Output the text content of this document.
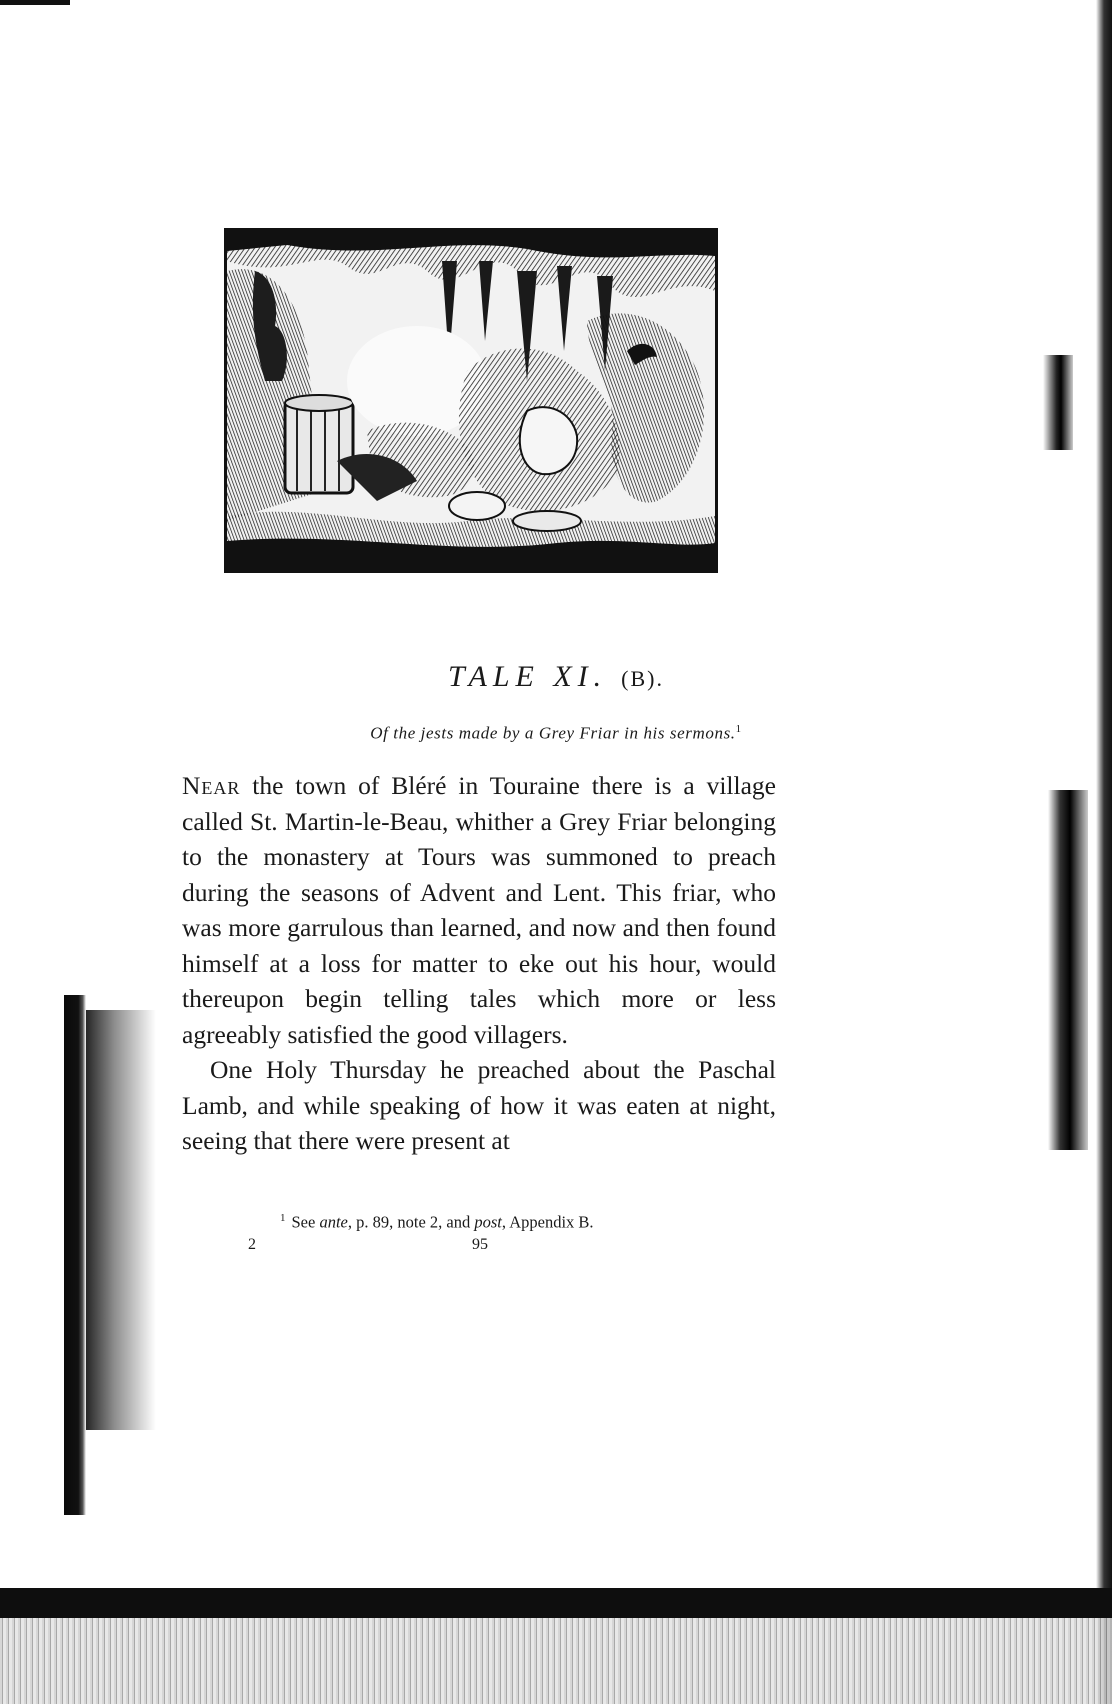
TALE XI. (B).
Of the jests made by a Grey Friar in his sermons.$^1$

Near the town of Bléré in Touraine there is a village called St. Martin-le-Beau, whither a Grey Friar belonging to the monastery at Tours was summoned to preach during the seasons of Advent and Lent. This friar, who was more garrulous than learned, and now and then found himself at a loss for matter to eke out his hour, would thereupon begin telling tales which more or less agreeably satisfied the good villagers.

One Holy Thursday he preached about the Paschal Lamb, and while speaking of how it was eaten at night, seeing that there were present at

$^1$ See ante, p. 89, note 2, and post, Appendix B.
2	95
